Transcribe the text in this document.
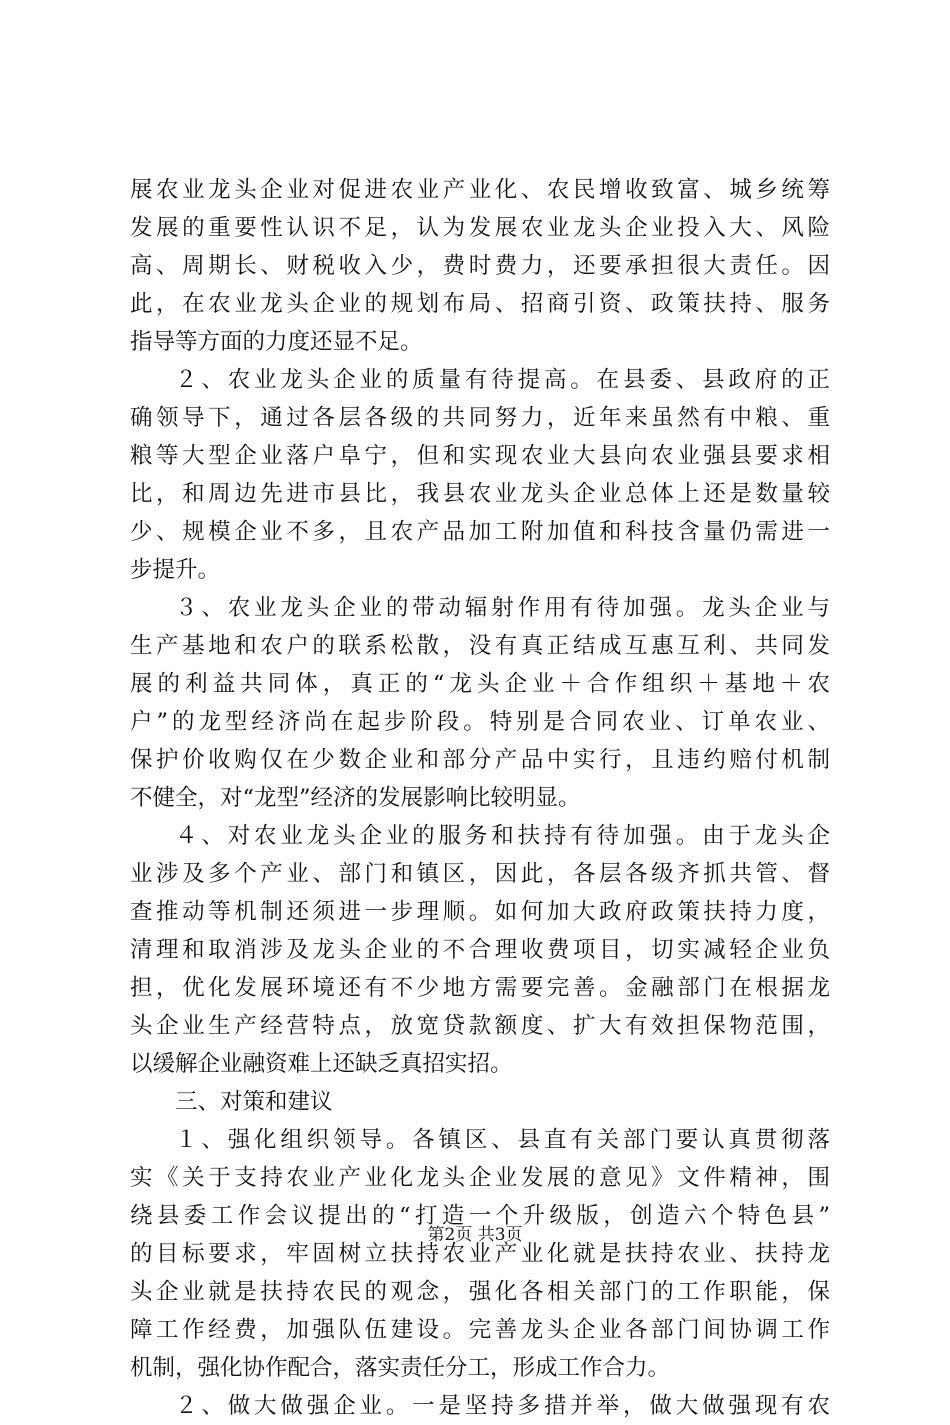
展农业龙头企业对促进农业产业化、农民增收致富、城乡统筹
发展的重要性认识不足，认为发展农业龙头企业投入大、风险
高、周期长、财税收入少，费时费力，还要承担很大责任。因
此，在农业龙头企业的规划布局、招商引资、政策扶持、服务
指导等方面的力度还显不足。
２、农业龙头企业的质量有待提高。在县委、县政府的正
确领导下，通过各层各级的共同努力，近年来虽然有中粮、重
粮等大型企业落户阜宁，但和实现农业大县向农业强县要求相
比，和周边先进市县比，我县农业龙头企业总体上还是数量较
少、规模企业不多，且农产品加工附加值和科技含量仍需进一
步提升。
３、农业龙头企业的带动辐射作用有待加强。龙头企业与
生产基地和农户的联系松散，没有真正结成互惠互利、共同发
展的利益共同体，真正的“龙头企业＋合作组织＋基地＋农
户”的龙型经济尚在起步阶段。特别是合同农业、订单农业、
保护价收购仅在少数企业和部分产品中实行，且违约赔付机制
不健全，对“龙型”经济的发展影响比较明显。
４、对农业龙头企业的服务和扶持有待加强。由于龙头企
业涉及多个产业、部门和镇区，因此，各层各级齐抓共管、督
查推动等机制还须进一步理顺。如何加大政府政策扶持力度，
清理和取消涉及龙头企业的不合理收费项目，切实减轻企业负
担，优化发展环境还有不少地方需要完善。金融部门在根据龙
头企业生产经营特点，放宽贷款额度、扩大有效担保物范围，
以缓解企业融资难上还缺乏真招实招。
三、对策和建议
１、强化组织领导。各镇区、县直有关部门要认真贯彻落
实《关于支持农业产业化龙头企业发展的意见》文件精神，围
绕县委工作会议提出的“打造一个升级版，创造六个特色县”
的目标要求，牢固树立扶持农业产业化就是扶持农业、扶持龙
头企业就是扶持农民的观念，强化各相关部门的工作职能，保
障工作经费，加强队伍建设。完善龙头企业各部门间协调工作
机制，强化协作配合，落实责任分工，形成工作合力。
２、做大做强企业。一是坚持多措并举，做大做强现有农
第2页 共3页
